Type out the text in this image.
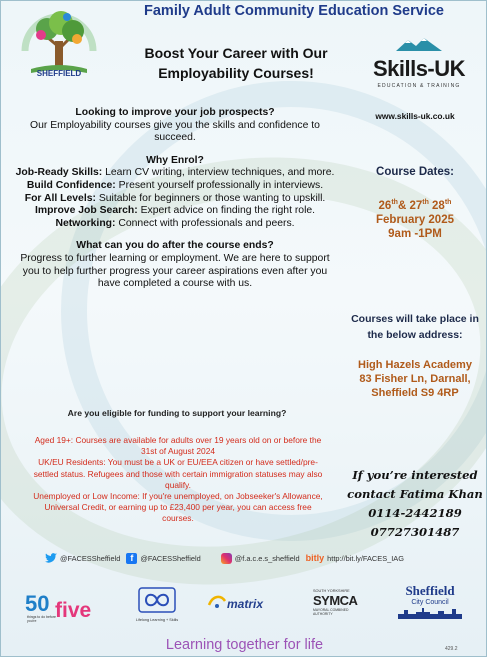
Family Adult Community Education Service
SHEFFIELD	Skills-UK
EDUCATION & TRAINING
Boost Your Career with Our
Employability Courses!

Looking to improve your job prospects?

Our Employability courses give you the skills and confidence to succeed.

Why Enrol?

Job-Ready Skills: Learn CV writing, interview techniques, and more.

Build Confidence: Present yourself professionally in interviews.

For All Levels: Suitable for beginners or those wanting to upskill.

Improve Job Search: Expert advice on finding the right role.

Networking: Connect with professionals and peers.

What can you do after the course ends?

Progress to further learning or employment. We are here to support you to help further progress your career aspirations even after you have completed a course with us.

Are you eligible for funding to support your learning?

Aged 19+: Courses are available for adults over 19 years old on or before the 31st of August 2024

UK/EU Residents: You must be a UK or EU/EEA citizen or have settled/pre-settled status. Refugees and those with certain immigration statuses may also qualify.

Unemployed or Low Income: If you're unemployed, on Jobseeker's Allowance, Universal Credit, or earning up to £23,400 per year, you can access free courses.

www.skills-uk.co.uk
Course Dates:
26th& 27th 28th
February 2025
9am -1PM
Courses will take place in the below address:
High Hazels Academy
83 Fisher Ln, Darnall,
Sheffield S9 4RP
If you’re interested
contact Fatima Khan
0114-2442189
07727301487
@FACESSheffield	f @FACESSheffield	@f.a.c.e.s_sheffield bitly http://bit.ly/FACES_IAG
50
things to do before you're five	Lifelong Learning + Skills
matrix
SOUTH YORKSHIRE
SYMCA
MAYORAL COMBINED AUTHORITY
Sheffield
City Council
Learning together for life	429.2
